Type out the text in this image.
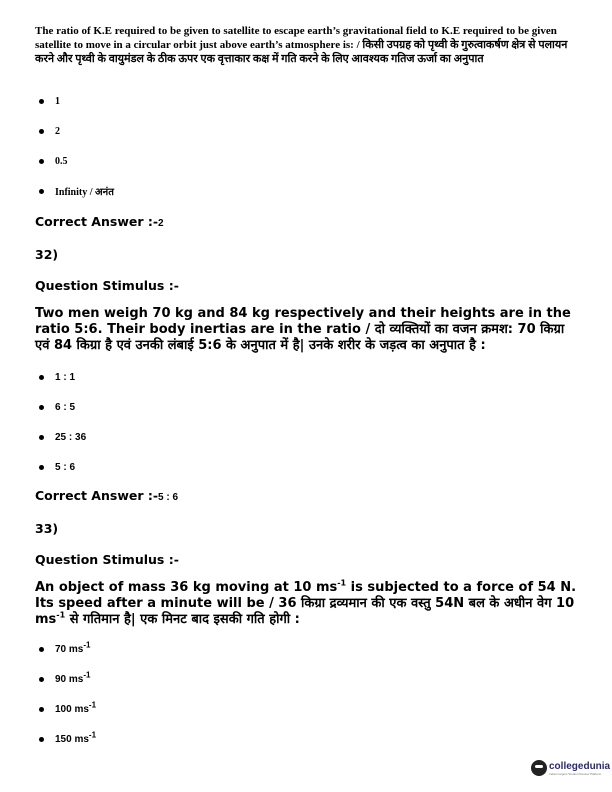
The ratio of K.E required to be given to satellite to escape earth’s gravitational field to K.E required to be given satellite to move in a circular orbit just above earth’s atmosphere is: / किसी उपग्रह को पृथ्वी के गुरुत्वाकर्षण क्षेत्र से पलायन करने और पृथ्वी के वायुमंडल के ठीक ऊपर एक वृत्ताकार कक्ष में गति करने के लिए आवश्यक गतिज ऊर्जा का अनुपात

1
2
0.5
Infinity / अनंत

Correct Answer :-2

32)

Question Stimulus :-

Two men weigh 70 kg and 84 kg respectively and their heights are in the ratio 5:6. Their body inertias are in the ratio / दो व्यक्तियों का वजन क्रमश: 70 किग्रा एवं 84 किग्रा है एवं उनकी लंबाई 5:6 के अनुपात में है| उनके शरीर के जड़त्व का अनुपात है :

1 : 1
6 : 5
25 : 36
5 : 6

Correct Answer :-5 : 6

33)

Question Stimulus :-

An object of mass 36 kg moving at 10 $ms^{-1}$ is subjected to a force of 54 N. Its speed after a minute will be / 36 किग्रा द्रव्यमान की एक वस्तु 54N बल के अधीन वेग 10 $ms^{-1}$ से गतिमान है| एक मिनट बाद इसकी गति होगी :

70 $ms^{-1}$
90 $ms^{-1}$
100 $ms^{-1}$
150 $ms^{-1}$
collegedunia
India's largest Student Review Platform
